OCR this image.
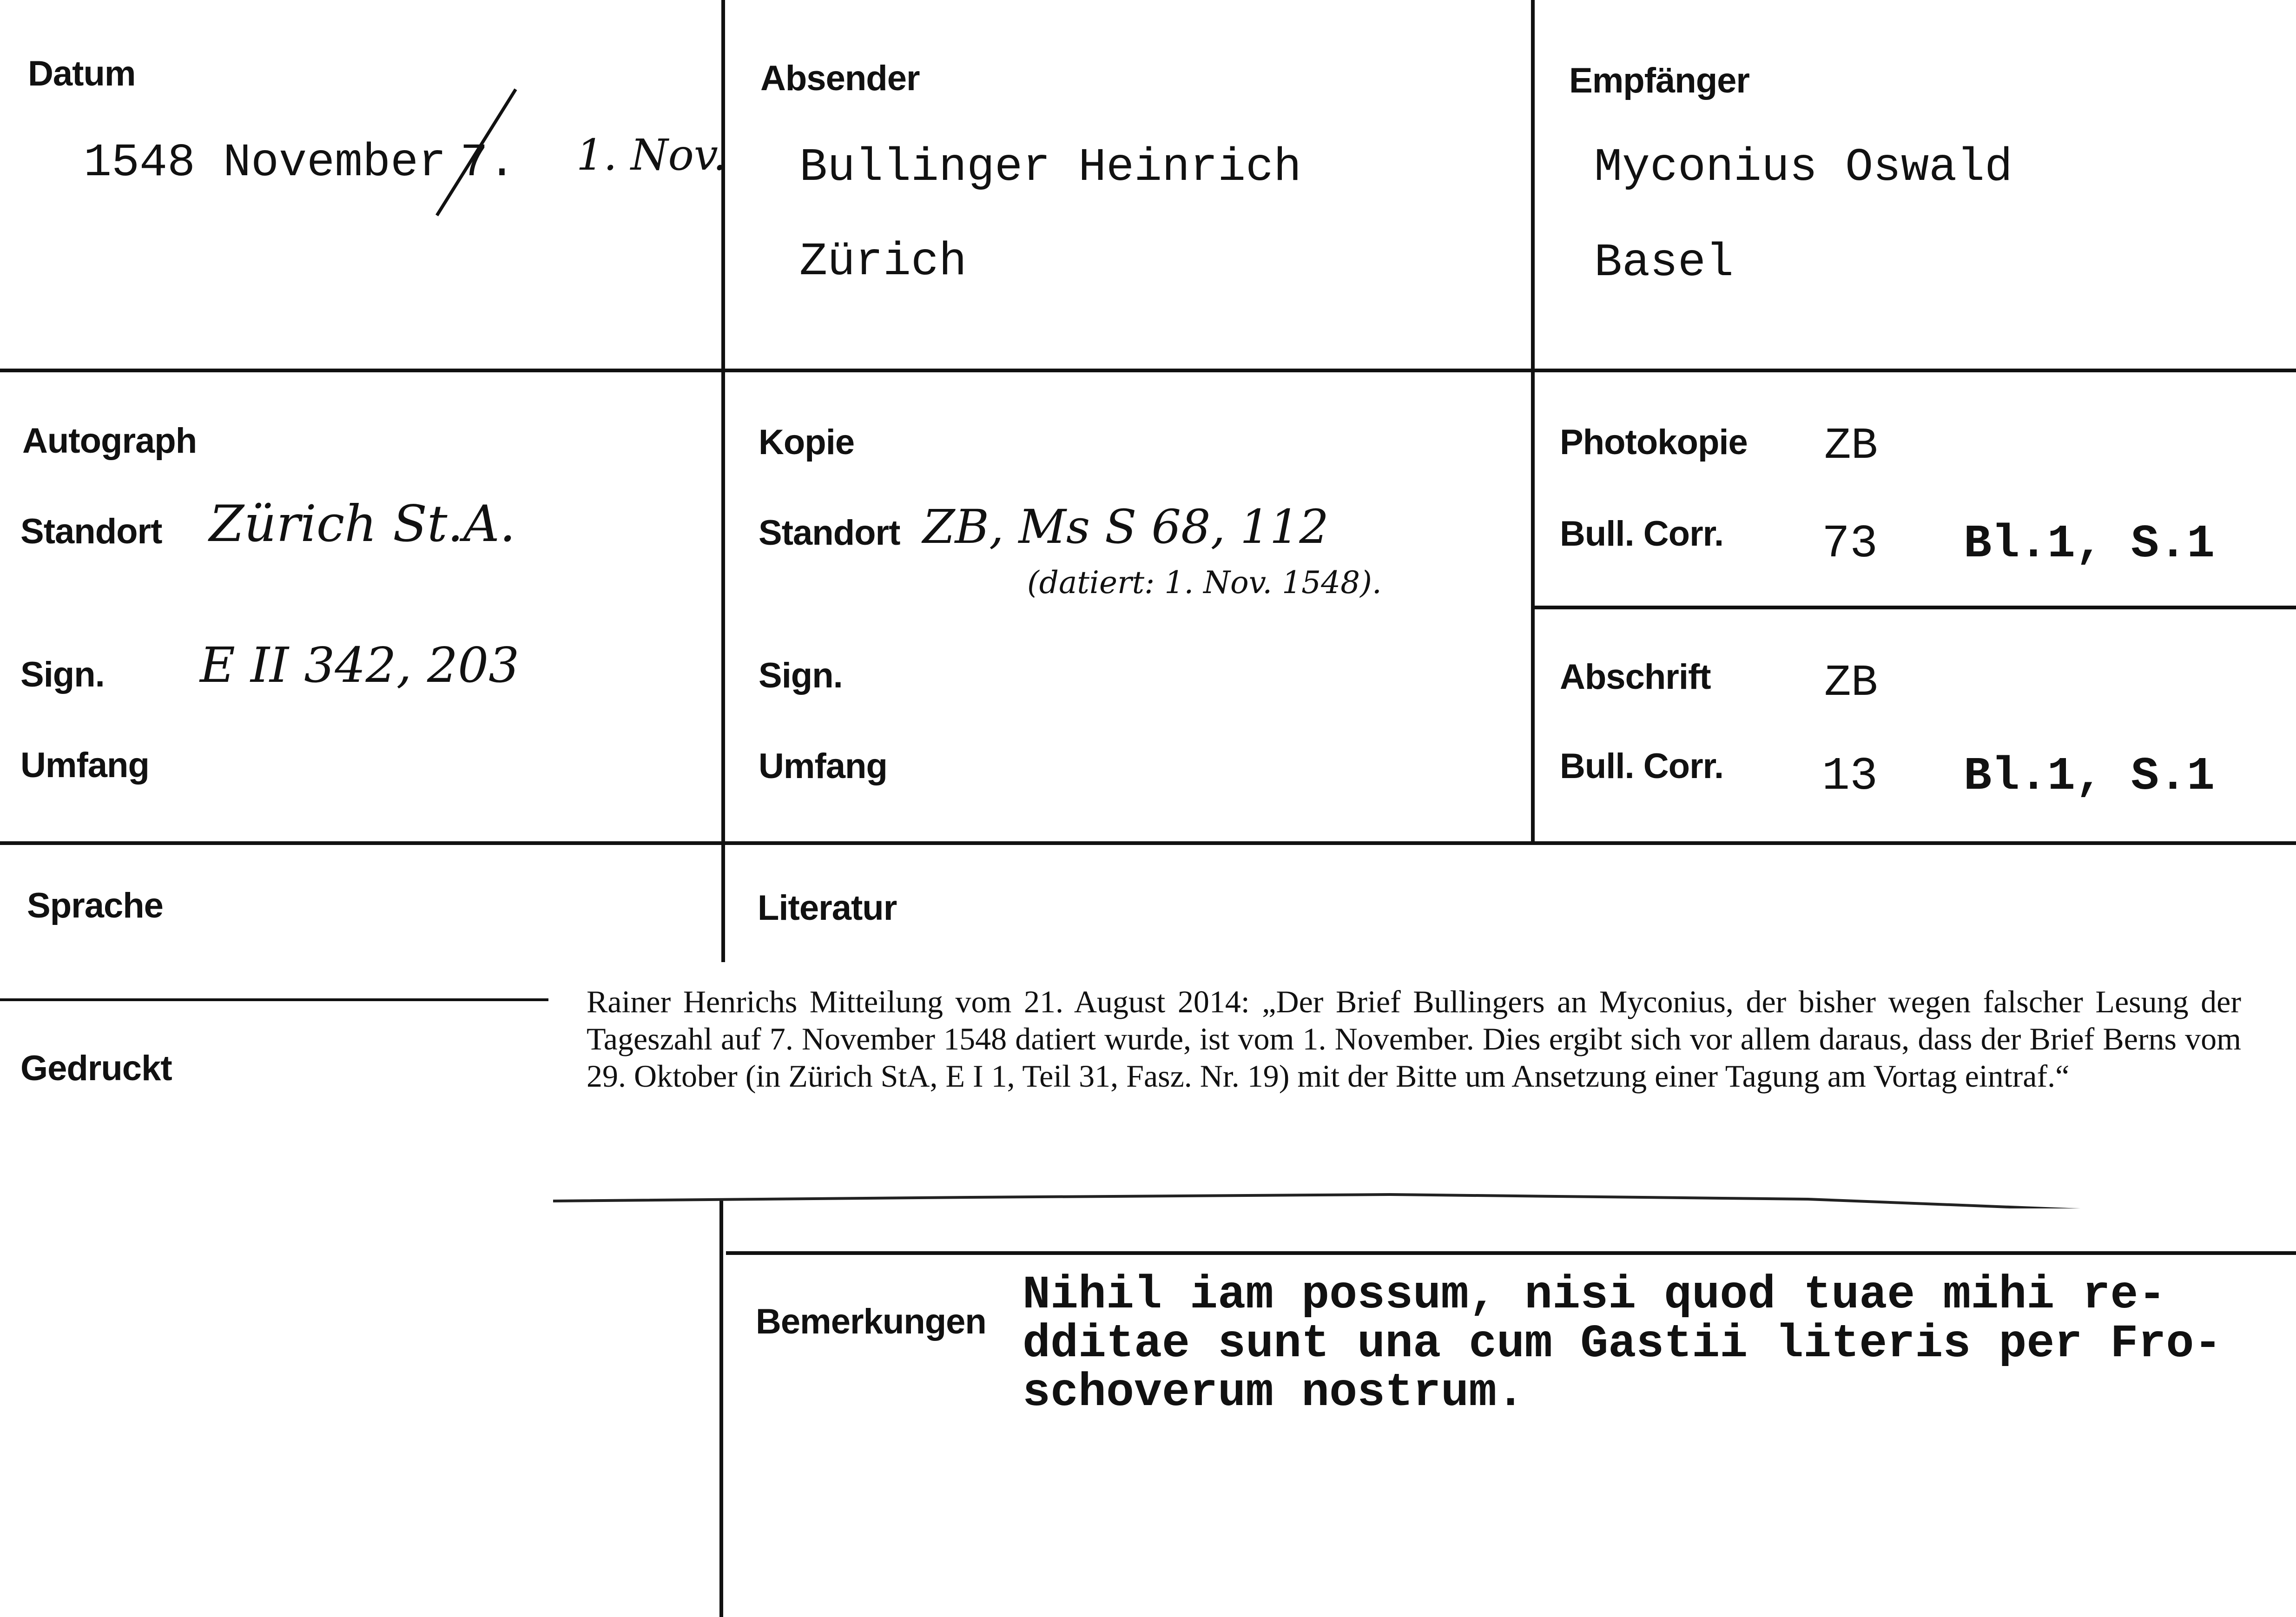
Datum
1548 November 7. 1. Nov.
Absender
Bullinger Heinrich
Zürich
Empfänger
Myconius Oswald
Basel
Autograph
Standort Zürich St.A.
Sign. E II 342, 203
Umfang
Kopie
Standort ZB, Ms S 68, 112
(datiert: 1. Nov. 1548).
Sign.
Umfang
Photokopie ZB
Bull. Corr. 73 Bl.1, S.1
Abschrift	ZB
Bull. Corr. 13 Bl.1, S.1
Sprache	Literatur
Rainer Henrichs Mitteilung vom 21. August 2014: „Der Brief Bullingers an Myconius, der bisher wegen falscher Lesung der Tageszahl auf 7. November 1548 datiert wurde, ist vom 1. November. Dies ergibt sich vor allem daraus, dass der Brief Berns vom 29. Oktober (in Zürich StA, E I 1, Teil 31, Fasz. Nr. 19) mit der Bitte um Ansetzung einer Tagung am Vortag eintraf.“
Gedruckt
Bemerkungen Nihil iam possum, nisi quod tuae mihi re-
dditae sunt una cum Gastii literis per Fro-
schoverum nostrum.
